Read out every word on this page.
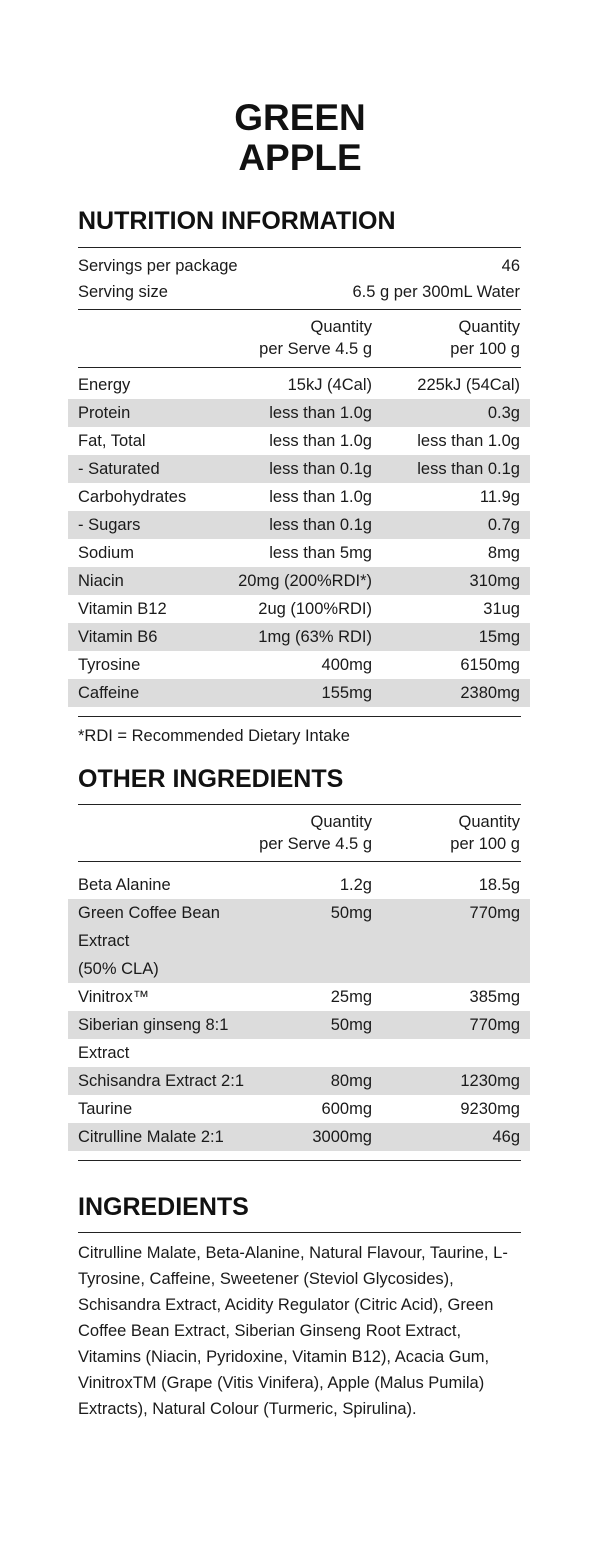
GREEN
APPLE
NUTRITION INFORMATION
Servings per package	46
Serving size	6.5 g per 300mL Water
Quantity
per Serve 4.5 g
Quantity
per 100 g
Energy	15kJ (4Cal)	225kJ (54Cal)
Protein	less than 1.0g	0.3g
Fat, Total	less than 1.0g	less than 1.0g
- Saturated	less than 0.1g	less than 0.1g
Carbohydrates	less than 1.0g	11.9g
- Sugars	less than 0.1g	0.7g
Sodium	less than 5mg	8mg
Niacin	20mg (200%RDI*)	310mg
Vitamin B12	2ug (100%RDI)	31ug
Vitamin B6	1mg (63% RDI)	15mg
Tyrosine	400mg	6150mg
Caffeine	155mg	2380mg
*RDI = Recommended Dietary Intake
OTHER INGREDIENTS
Quantity
per Serve 4.5 g
Quantity
per 100 g
Beta Alanine	1.2g	18.5g
Green Coffee Bean
Extract
(50% CLA)
50mg	770mg
Vinitrox™	25mg	385mg
Siberian ginseng 8:1	50mg	770mg
Extract
Schisandra Extract 2:1	80mg	1230mg
Taurine	600mg	9230mg
Citrulline Malate 2:1	3000mg	46g
INGREDIENTS
Citrulline Malate, Beta-Alanine, Natural Flavour, Taurine, L-Tyrosine, Caffeine, Sweetener (Steviol Glycosides), Schisandra Extract, Acidity Regulator (Citric Acid), Green Coffee Bean Extract, Siberian Ginseng Root Extract, Vitamins (Niacin, Pyridoxine, Vitamin B12), Acacia Gum, VinitroxTM (Grape (Vitis Vinifera), Apple (Malus Pumila) Extracts), Natural Colour (Turmeric, Spirulina).
